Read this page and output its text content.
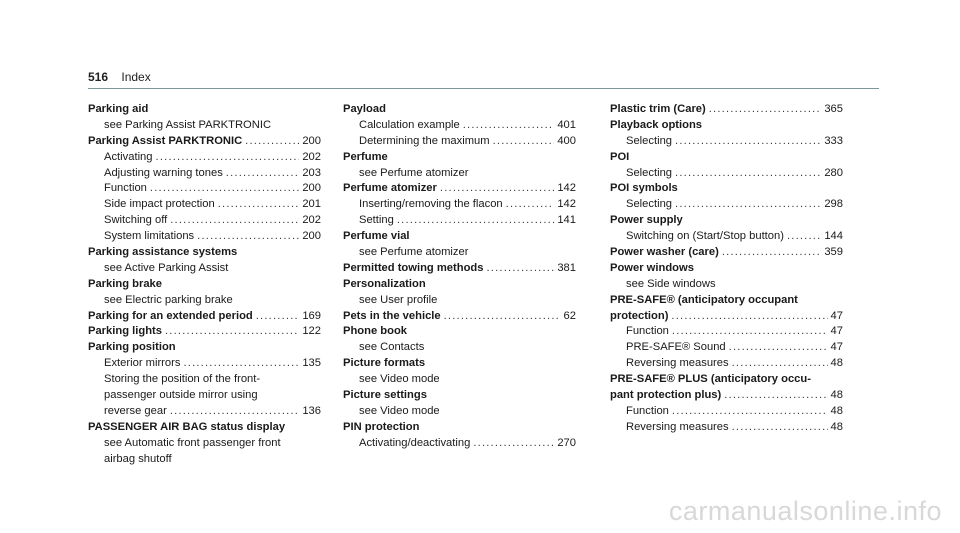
516 Index
Parking aid
see Parking Assist PARKTRONIC
Parking Assist PARKTRONIC .....	200
Activating .....	202
Adjusting warning tones .....	203
Function .....	200
Side impact protection .....	201
Switching off .....	202
System limitations .....	200
Parking assistance systems
see Active Parking Assist
Parking brake
see Electric parking brake
Parking for an extended period .....	169
Parking lights .....	122
Parking position
Exterior mirrors .....	135
Storing the position of the front-
passenger outside mirror using
reverse gear .....	136
PASSENGER AIR BAG status display
see Automatic front passenger front
airbag shutoff
Payload
Calculation example .....	401
Determining the maximum .....	400
Perfume
see Perfume atomizer
Perfume atomizer .....	142
Inserting/removing the flacon .....	142
Setting .....	141
Perfume vial
see Perfume atomizer
Permitted towing methods .....	381
Personalization
see User profile
Pets in the vehicle .....	62
Phone book
see Contacts
Picture formats
see Video mode
Picture settings
see Video mode
PIN protection
Activating/deactivating .....	270
Plastic trim (Care) .....	365
Playback options
Selecting .....	333
POI
Selecting .....	280
POI symbols
Selecting .....	298
Power supply
Switching on (Start/Stop button) .....	144
Power washer (care) .....	359
Power windows
see Side windows
PRE-SAFE® (anticipatory occupant
protection) .....	47
Function .....	47
PRE-SAFE® Sound .....	47
Reversing measures .....	48
PRE-SAFE® PLUS (anticipatory occu-
pant protection plus) .....	48
Function .....	48
Reversing measures .....	48
carmanualsonline.info
